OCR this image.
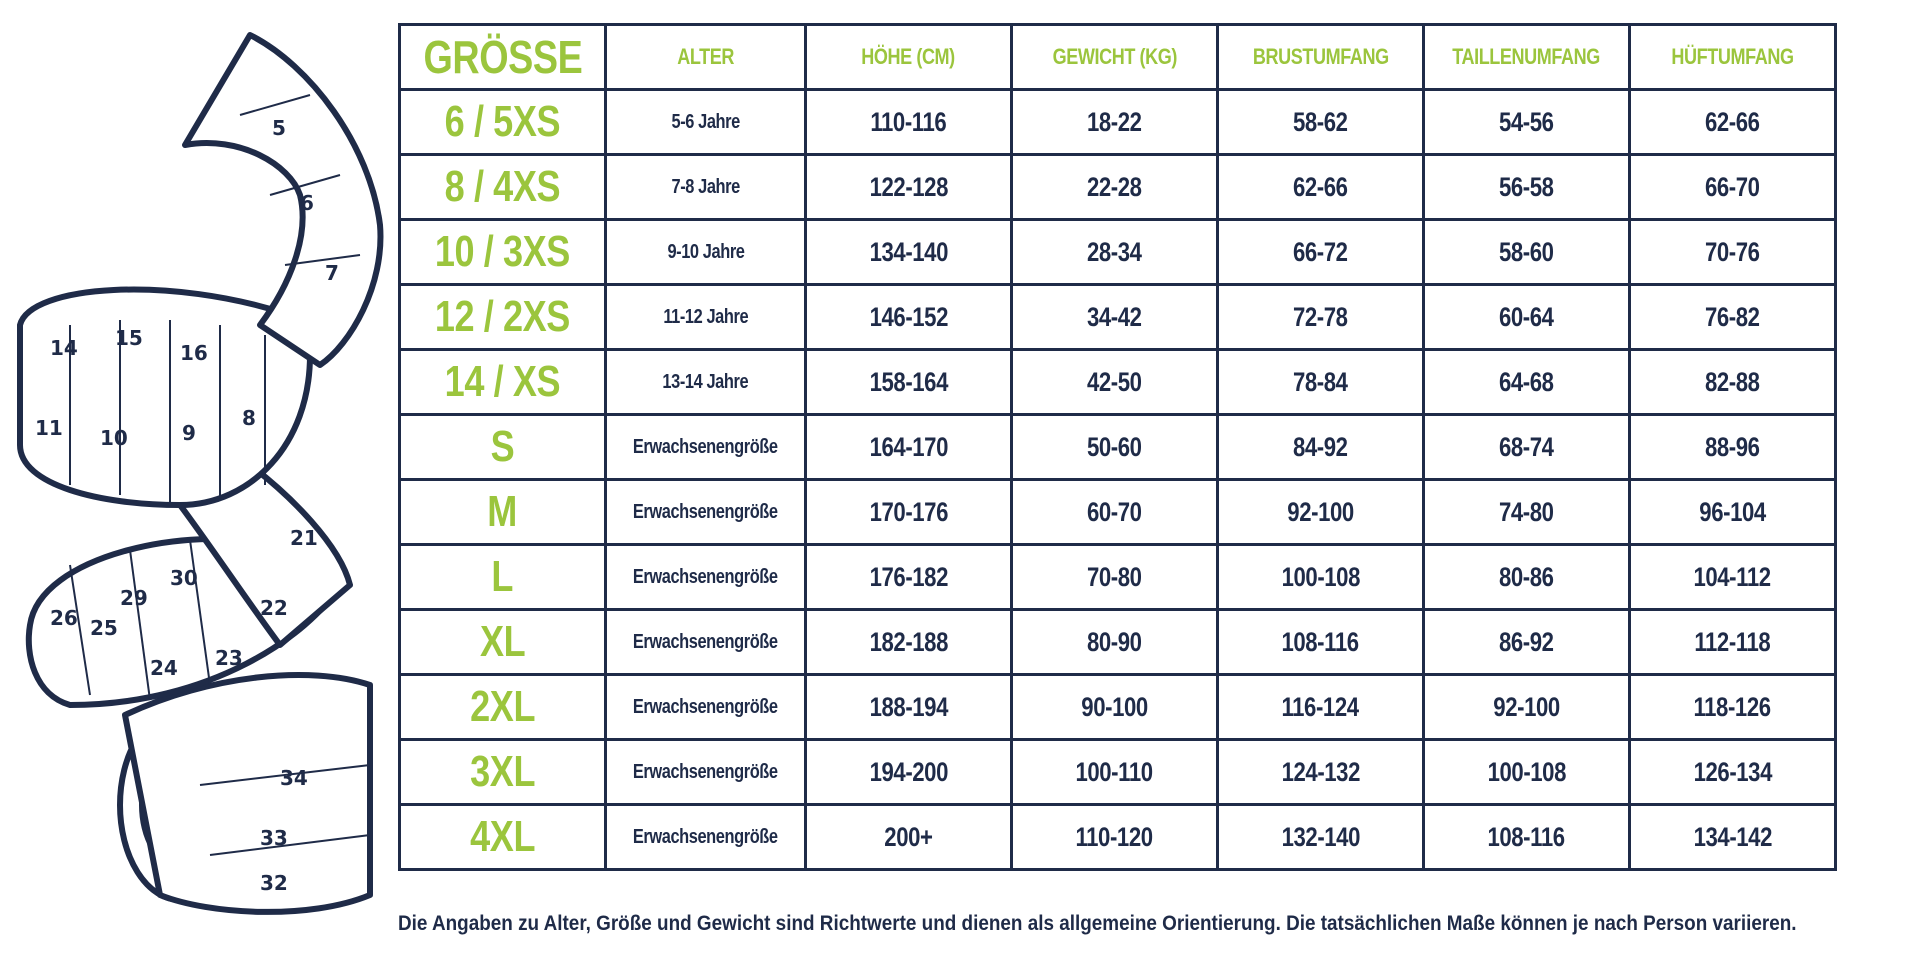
5
6
7
8
9
10
11
14 15
16
21
22
23
24
25
26
29
30
33
34
32
GRÖSSE	ALTER	HÖHE (CM)	GEWICHT (KG)	BRUSTUMFANG	TAILLENUMFANG	HÜFTUMFANG
6 / 5XS	5-6 Jahre	110-116	18-22	58-62	54-56	62-66
8 / 4XS	7-8 Jahre	122-128	22-28	62-66	56-58	66-70
10 / 3XS	9-10 Jahre	134-140	28-34	66-72	58-60	70-76
12 / 2XS	11-12 Jahre	146-152	34-42	72-78	60-64	76-82
14 / XS	13-14 Jahre	158-164	42-50	78-84	64-68	82-88
S	Erwachsenengröße	164-170	50-60	84-92	68-74	88-96
M	Erwachsenengröße	170-176	60-70	92-100	74-80	96-104
L	Erwachsenengröße	176-182	70-80	100-108	80-86	104-112
XL	Erwachsenengröße	182-188	80-90	108-116	86-92	112-118
2XL	Erwachsenengröße	188-194	90-100	116-124	92-100	118-126
3XL	Erwachsenengröße	194-200	100-110	124-132	100-108	126-134
4XL	Erwachsenengröße	200+	110-120	132-140	108-116	134-142
Die Angaben zu Alter, Größe und Gewicht sind Richtwerte und dienen als allgemeine Orientierung. Die tatsächlichen Maße können je nach Person variieren.
